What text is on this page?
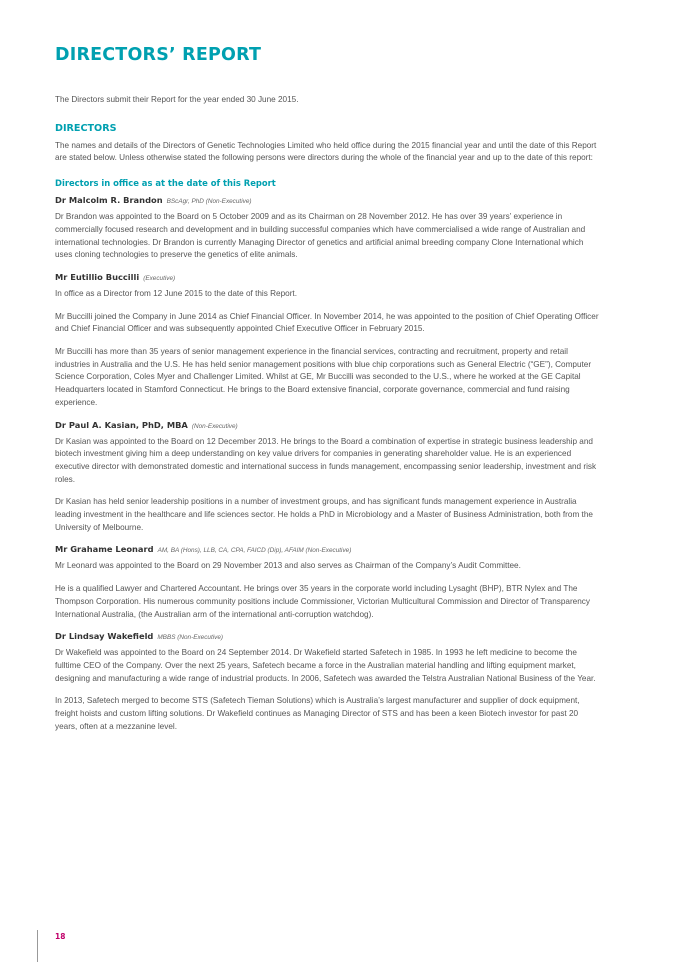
DIRECTORS’ REPORT

The Directors submit their Report for the year ended 30 June 2015.

DIRECTORS

The names and details of the Directors of Genetic Technologies Limited who held office during the 2015 financial year and until the date of this Report are stated below. Unless otherwise stated the following persons were directors during the whole of the financial year and up to the date of this report:

Directors in office as at the date of this Report
Dr Malcolm R. Brandon BScAgr, PhD (Non-Executive)

Dr Brandon was appointed to the Board on 5 October 2009 and as its Chairman on 28 November 2012. He has over 39 years’ experience in commercially focused research and development and in building successful companies which have commercialised a wide range of Australian and international technologies. Dr Brandon is currently Managing Director of genetics and artificial animal breeding company Clone International which uses cloning technologies to preserve the genetics of elite animals.

Mr Eutillio Buccilli (Executive)

In office as a Director from 12 June 2015 to the date of this Report.

Mr Buccilli joined the Company in June 2014 as Chief Financial Officer. In November 2014, he was appointed to the position of Chief Operating Officer and Chief Financial Officer and was subsequently appointed Chief Executive Officer in February 2015.

Mr Buccilli has more than 35 years of senior management experience in the financial services, contracting and recruitment, property and retail industries in Australia and the U.S. He has held senior management positions with blue chip corporations such as General Electric (“GE”), Computer Science Corporation, Coles Myer and Challenger Limited. Whilst at GE, Mr Buccilli was seconded to the U.S., where he worked at the GE Capital Headquarters located in Stamford Connecticut. He brings to the Board extensive financial, corporate governance, commercial and fund raising experience.

Dr Paul A. Kasian, PhD, MBA (Non-Executive)

Dr Kasian was appointed to the Board on 12 December 2013. He brings to the Board a combination of expertise in strategic business leadership and biotech investment giving him a deep understanding on key value drivers for companies in generating shareholder value. He is an experienced executive director with demonstrated domestic and international success in funds management, encompassing senior leadership, investment and risk roles.

Dr Kasian has held senior leadership positions in a number of investment groups, and has significant funds management experience in Australia leading investment in the healthcare and life sciences sector. He holds a PhD in Microbiology and a Master of Business Administration, both from the University of Melbourne.

Mr Grahame Leonard AM, BA (Hons), LLB, CA, CPA, FAICD (Dip), AFAIM (Non-Executive)

Mr Leonard was appointed to the Board on 29 November 2013 and also serves as Chairman of the Company’s Audit Committee.

He is a qualified Lawyer and Chartered Accountant. He brings over 35 years in the corporate world including Lysaght (BHP), BTR Nylex and The Thompson Corporation. His numerous community positions include Commissioner, Victorian Multicultural Commission and Director of Transparency International Australia, (the Australian arm of the international anti-corruption watchdog).

Dr Lindsay Wakefield MBBS (Non-Executive)

Dr Wakefield was appointed to the Board on 24 September 2014. Dr Wakefield started Safetech in 1985. In 1993 he left medicine to become the fulltime CEO of the Company. Over the next 25 years, Safetech became a force in the Australian material handling and lifting equipment market, designing and manufacturing a wide range of industrial products. In 2006, Safetech was awarded the Telstra Australian National Business of the Year.

In 2013, Safetech merged to become STS (Safetech Tieman Solutions) which is Australia’s largest manufacturer and supplier of dock equipment, freight hoists and custom lifting solutions. Dr Wakefield continues as Managing Director of STS and has been a keen Biotech investor for past 20 years, often at a mezzanine level.

18
